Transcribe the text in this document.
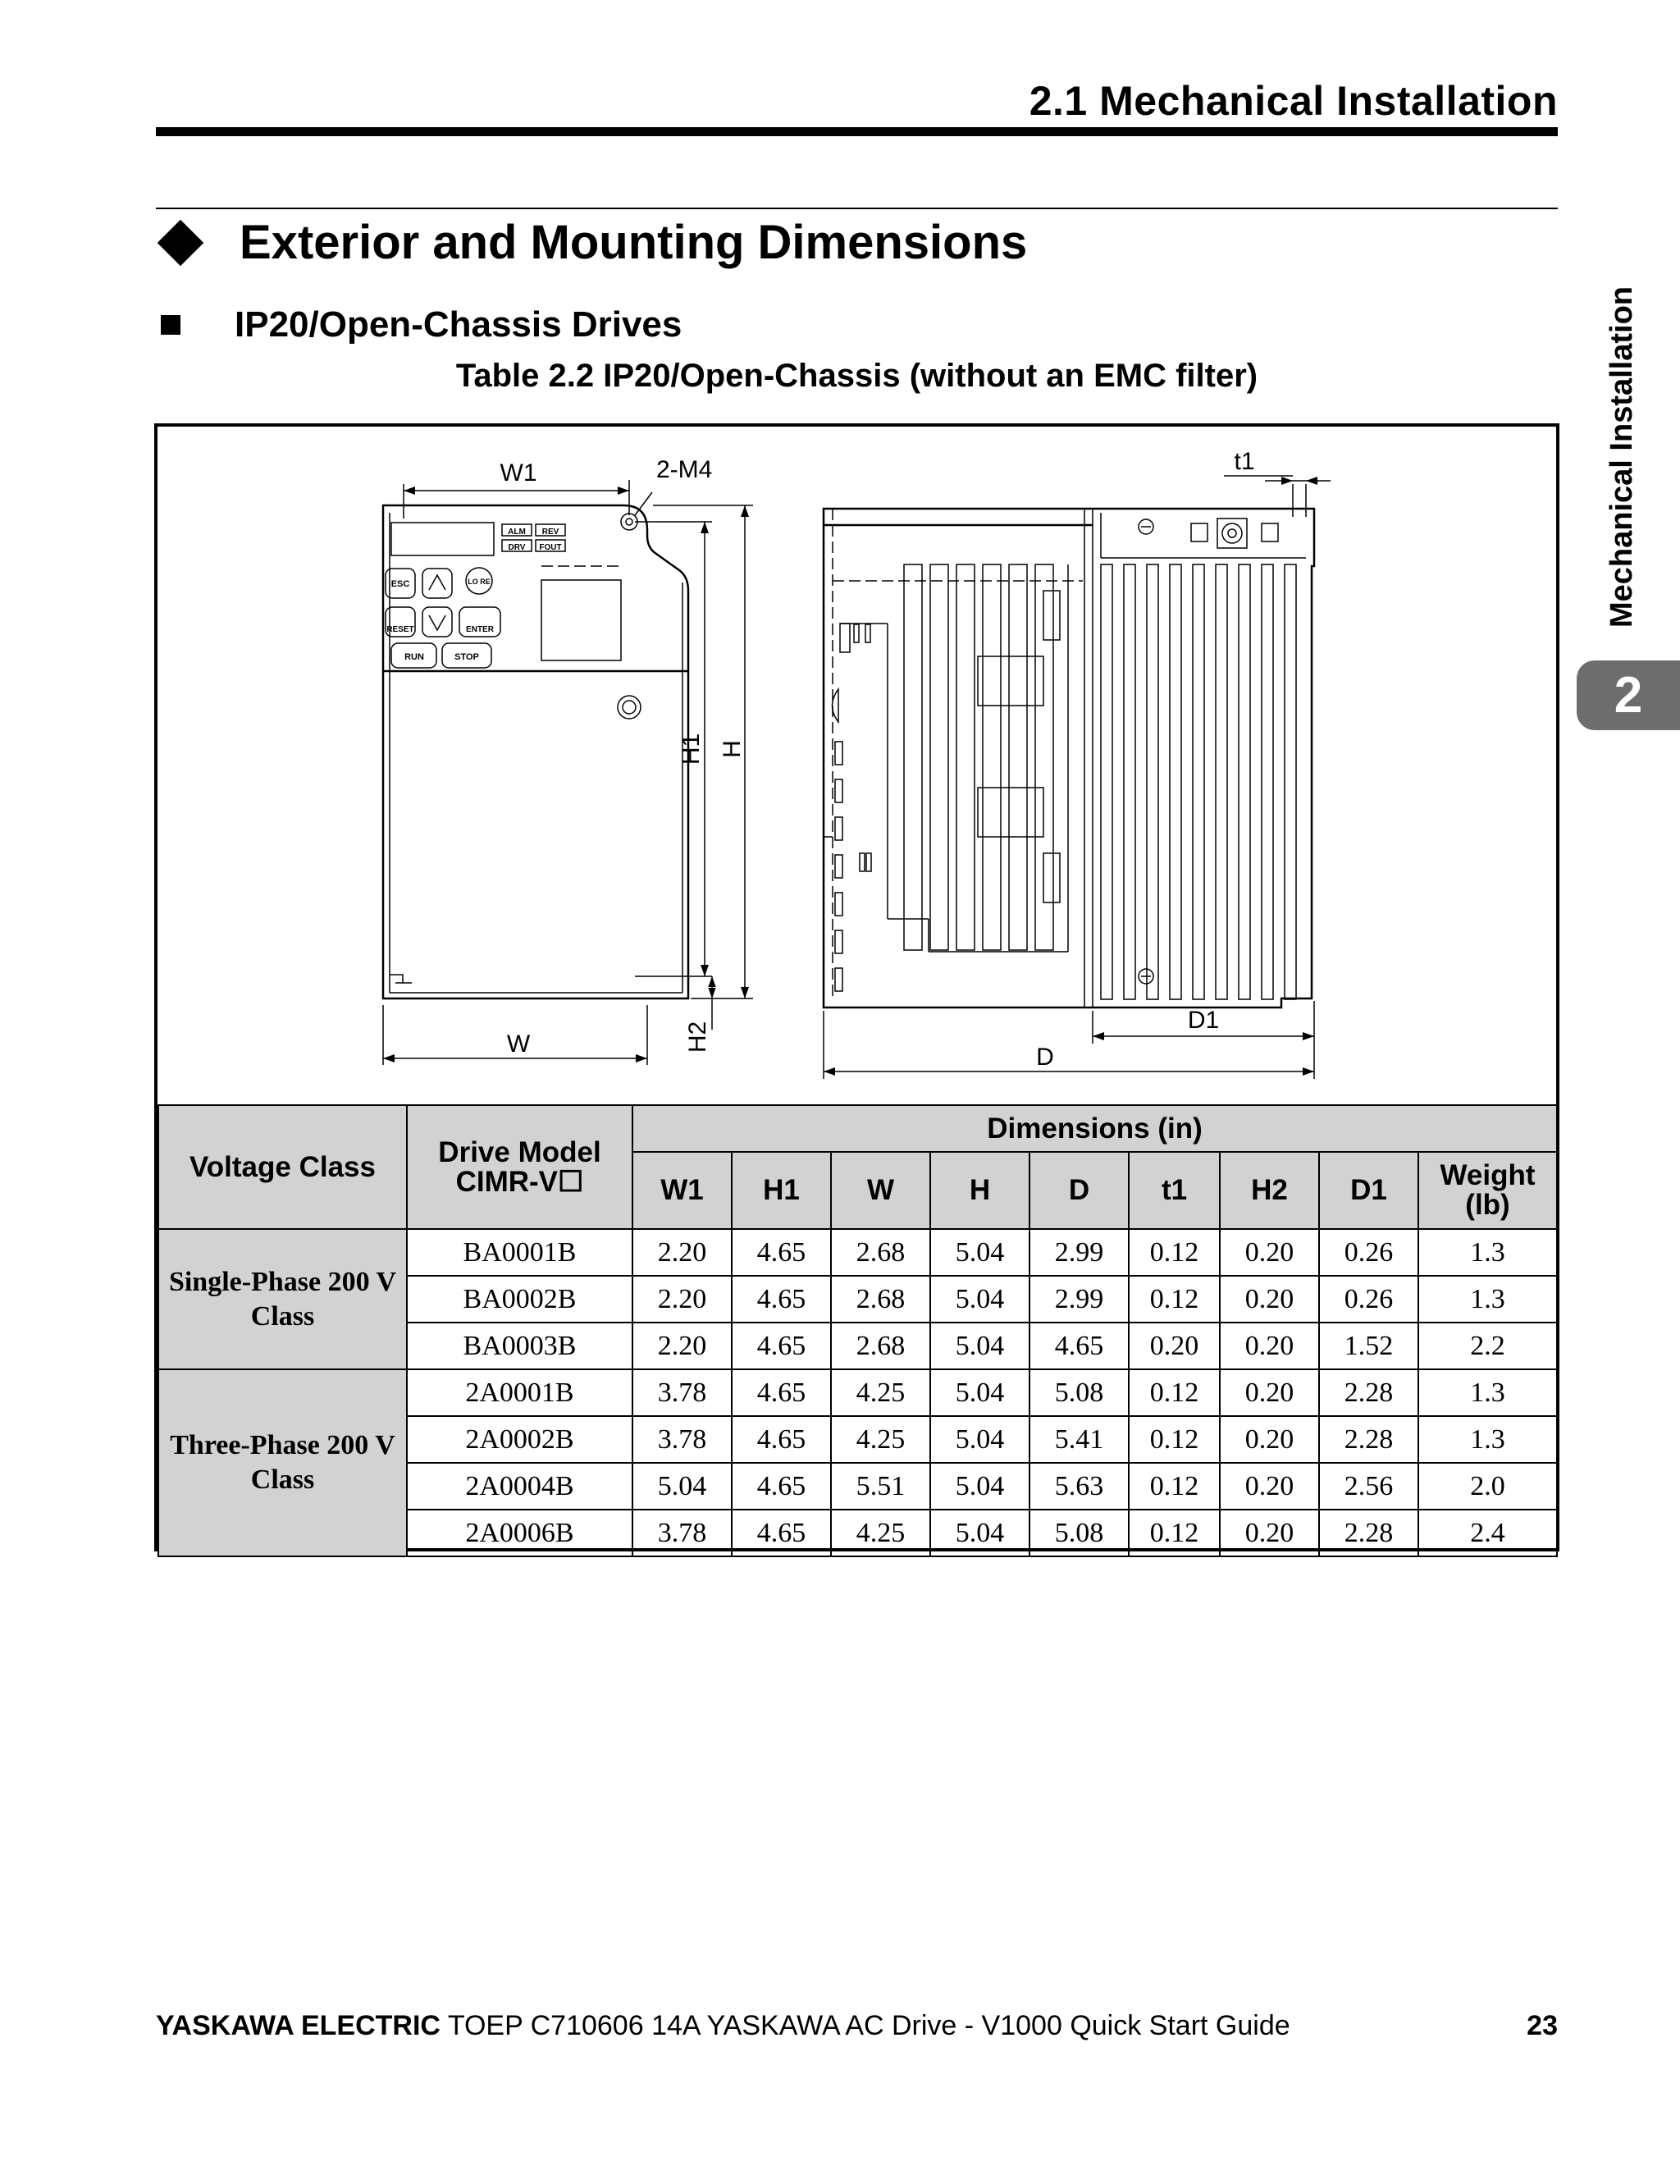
2.1 Mechanical Installation
Exterior and Mounting Dimensions
IP20/Open-Chassis Drives
Table 2.2 IP20/Open-Chassis (without an EMC filter)	Mechanical Installation
2
ALM REV
DRV FOUT
ESC	LO RE
RESET	ENTER
RUN	STOP
W1	2-M4
H1 H
H2
W
t1
D1
D
Voltage Class	Drive Model CIMR-V☐	Dimensions (in)								
		W1	H1	W	H	D	t1	H2	D1	Weight (lb)
Single-Phase 200 V Class	BA0001B	2.20	4.65	2.68	5.04	2.99	0.12	0.20	0.26	1.3
	BA0002B	2.20	4.65	2.68	5.04	2.99	0.12	0.20	0.26	1.3
	BA0003B	2.20	4.65	2.68	5.04	4.65	0.20	0.20	1.52	2.2
Three-Phase 200 V Class	2A0001B	3.78	4.65	4.25	5.04	5.08	0.12	0.20	2.28	1.3
	2A0002B	3.78	4.65	4.25	5.04	5.41	0.12	0.20	2.28	1.3
	2A0004B	5.04	4.65	5.51	5.04	5.63	0.12	0.20	2.56	2.0
	2A0006B	3.78	4.65	4.25	5.04	5.08	0.12	0.20	2.28	2.4
YASKAWA ELECTRIC TOEP C710606 14A YASKAWA AC Drive - V1000 Quick Start Guide	23
